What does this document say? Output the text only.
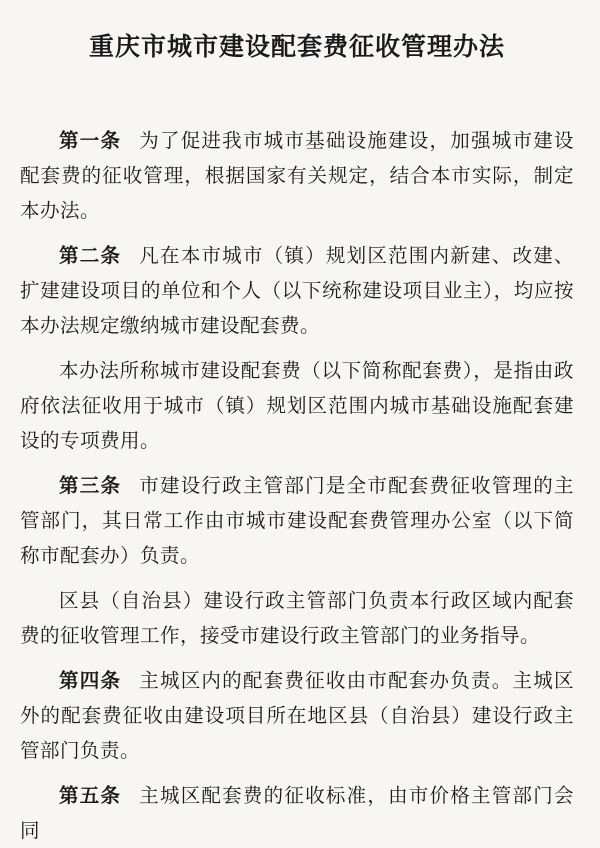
重庆市城市建设配套费征收管理办法

第一条 为了促进我市城市基础设施建设，加强城市建设配套费的征收管理，根据国家有关规定，结合本市实际，制定本办法。

第二条 凡在本市城市（镇）规划区范围内新建、改建、扩建建设项目的单位和个人（以下统称建设项目业主），均应按本办法规定缴纳城市建设配套费。

本办法所称城市建设配套费（以下简称配套费），是指由政府依法征收用于城市（镇）规划区范围内城市基础设施配套建设的专项费用。

第三条 市建设行政主管部门是全市配套费征收管理的主管部门，其日常工作由市城市建设配套费管理办公室（以下简称市配套办）负责。

区县（自治县）建设行政主管部门负责本行政区域内配套费的征收管理工作，接受市建设行政主管部门的业务指导。

第四条 主城区内的配套费征收由市配套办负责。主城区外的配套费征收由建设项目所在地区县（自治县）建设行政主管部门负责。

第五条 主城区配套费的征收标准，由市价格主管部门会同
